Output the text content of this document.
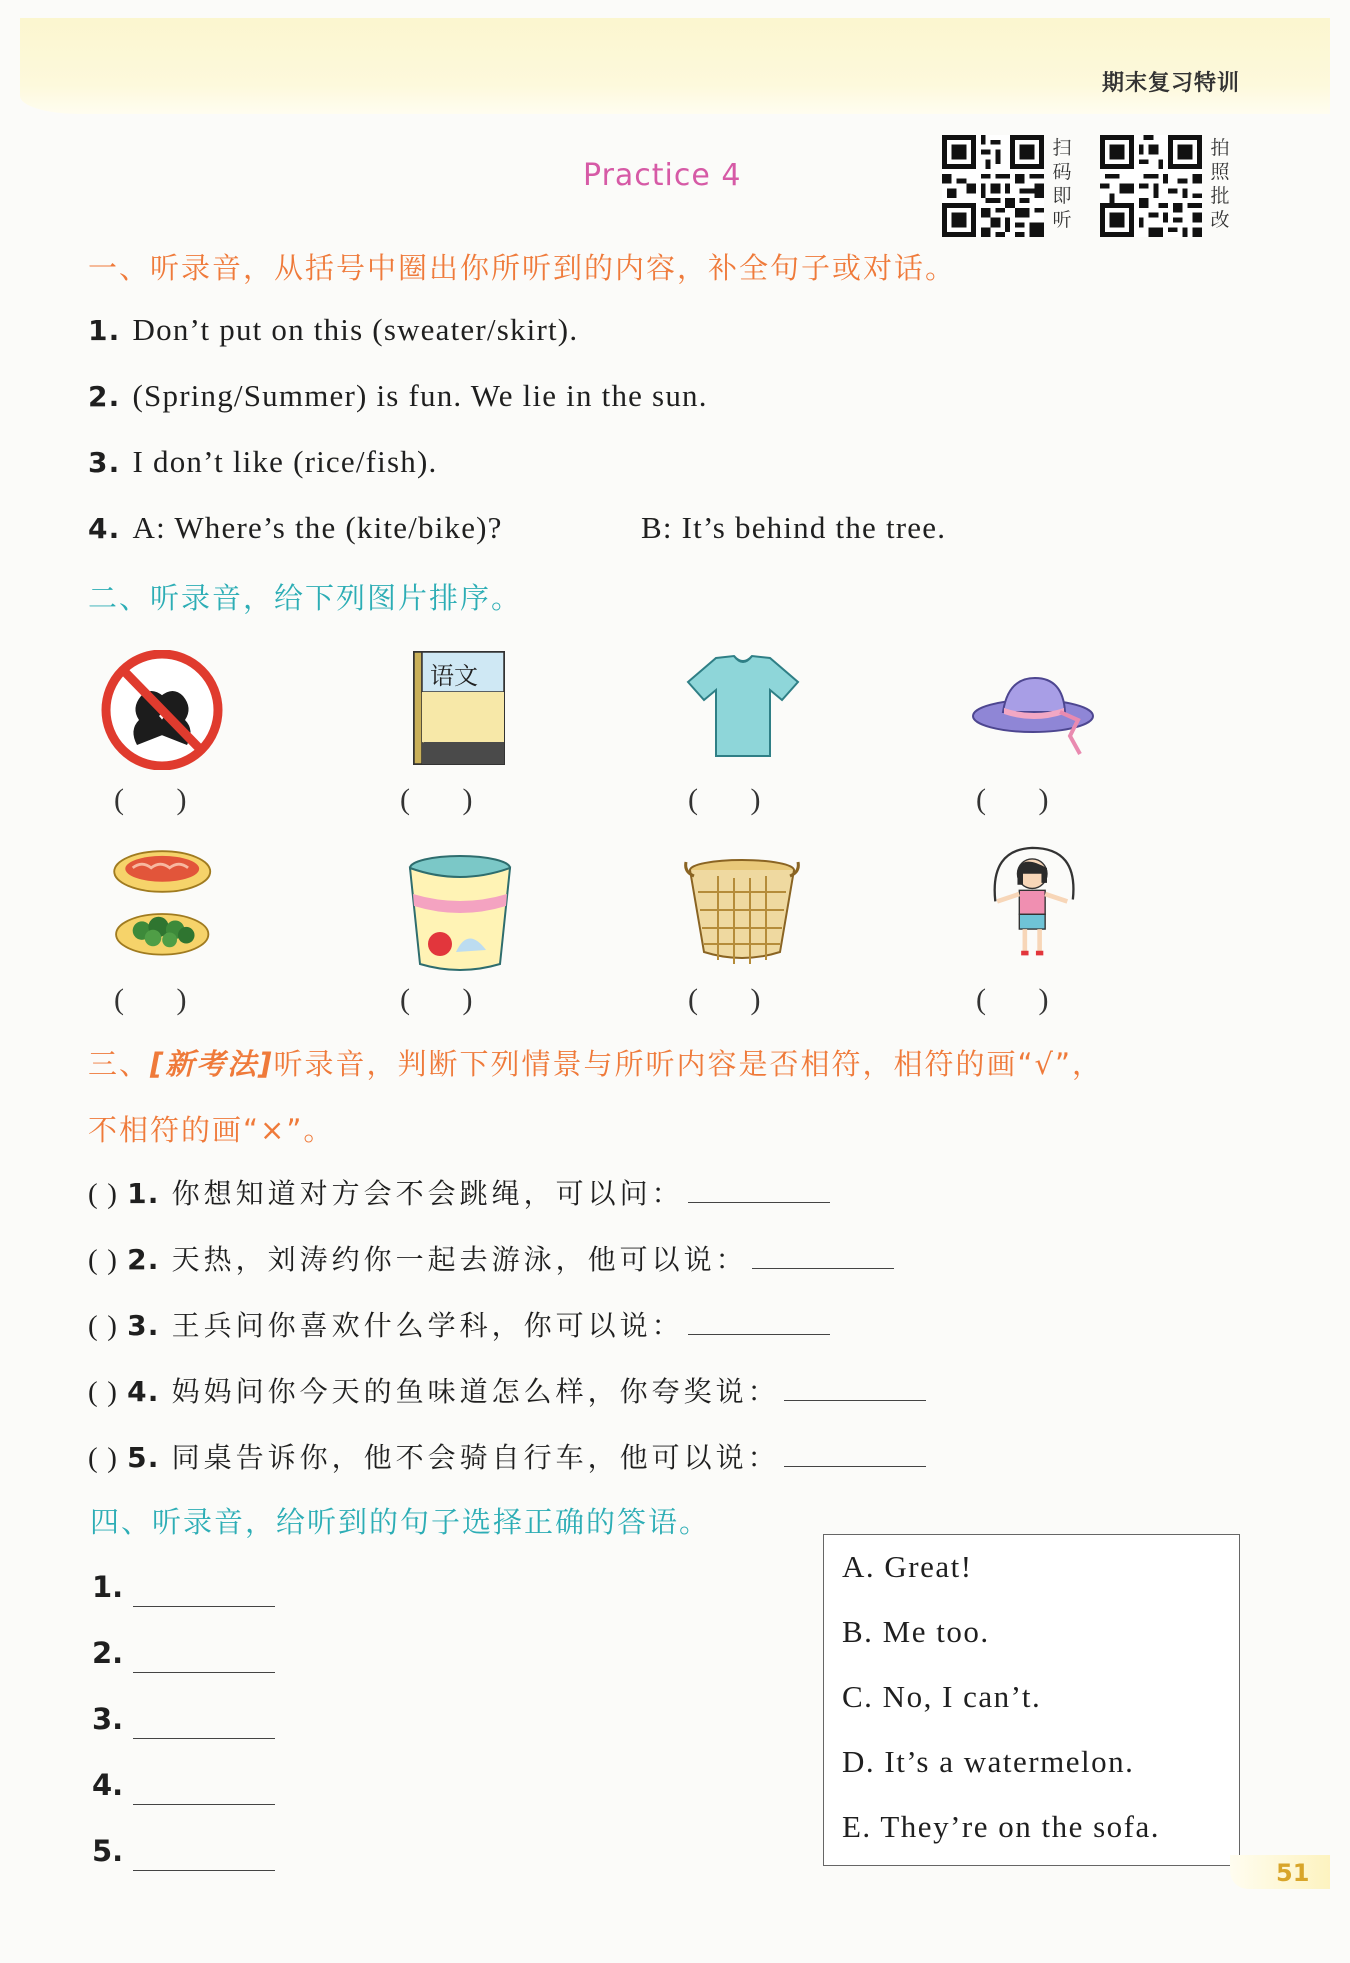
期末复习特训
Practice 4
扫
码
即
听
拍
照
批
改
一、听录音，从括号中圈出你所听到的内容，补全句子或对话。
1. Don’t put on this (sweater/skirt).
2. (Spring/Summer) is fun. We lie in the sun.
3. I don’t like (rice/fish).
4. A: Where’s the (kite/bike)?	B: It’s behind the tree.
二、听录音，给下列图片排序。
语文
(       )	(       )	(       )	(       )
(       )	(       )	(       )	(       )
三、[新考法]听录音，判断下列情景与所听内容是否相符，相符的画“√”，
不相符的画“×”。
( ) 1. 你想知道对方会不会跳绳，可以问：
( ) 2. 天热，刘涛约你一起去游泳，他可以说：
( ) 3. 王兵问你喜欢什么学科，你可以说：
( ) 4. 妈妈问你今天的鱼味道怎么样，你夸奖说：
( ) 5. 同桌告诉你，他不会骑自行车，他可以说：
四、听录音，给听到的句子选择正确的答语。
1.
2.
3.
4.
5.
A. Great!
B. Me too.
C. No, I can’t.
D. It’s a watermelon.
E. They’re on the sofa.
51
